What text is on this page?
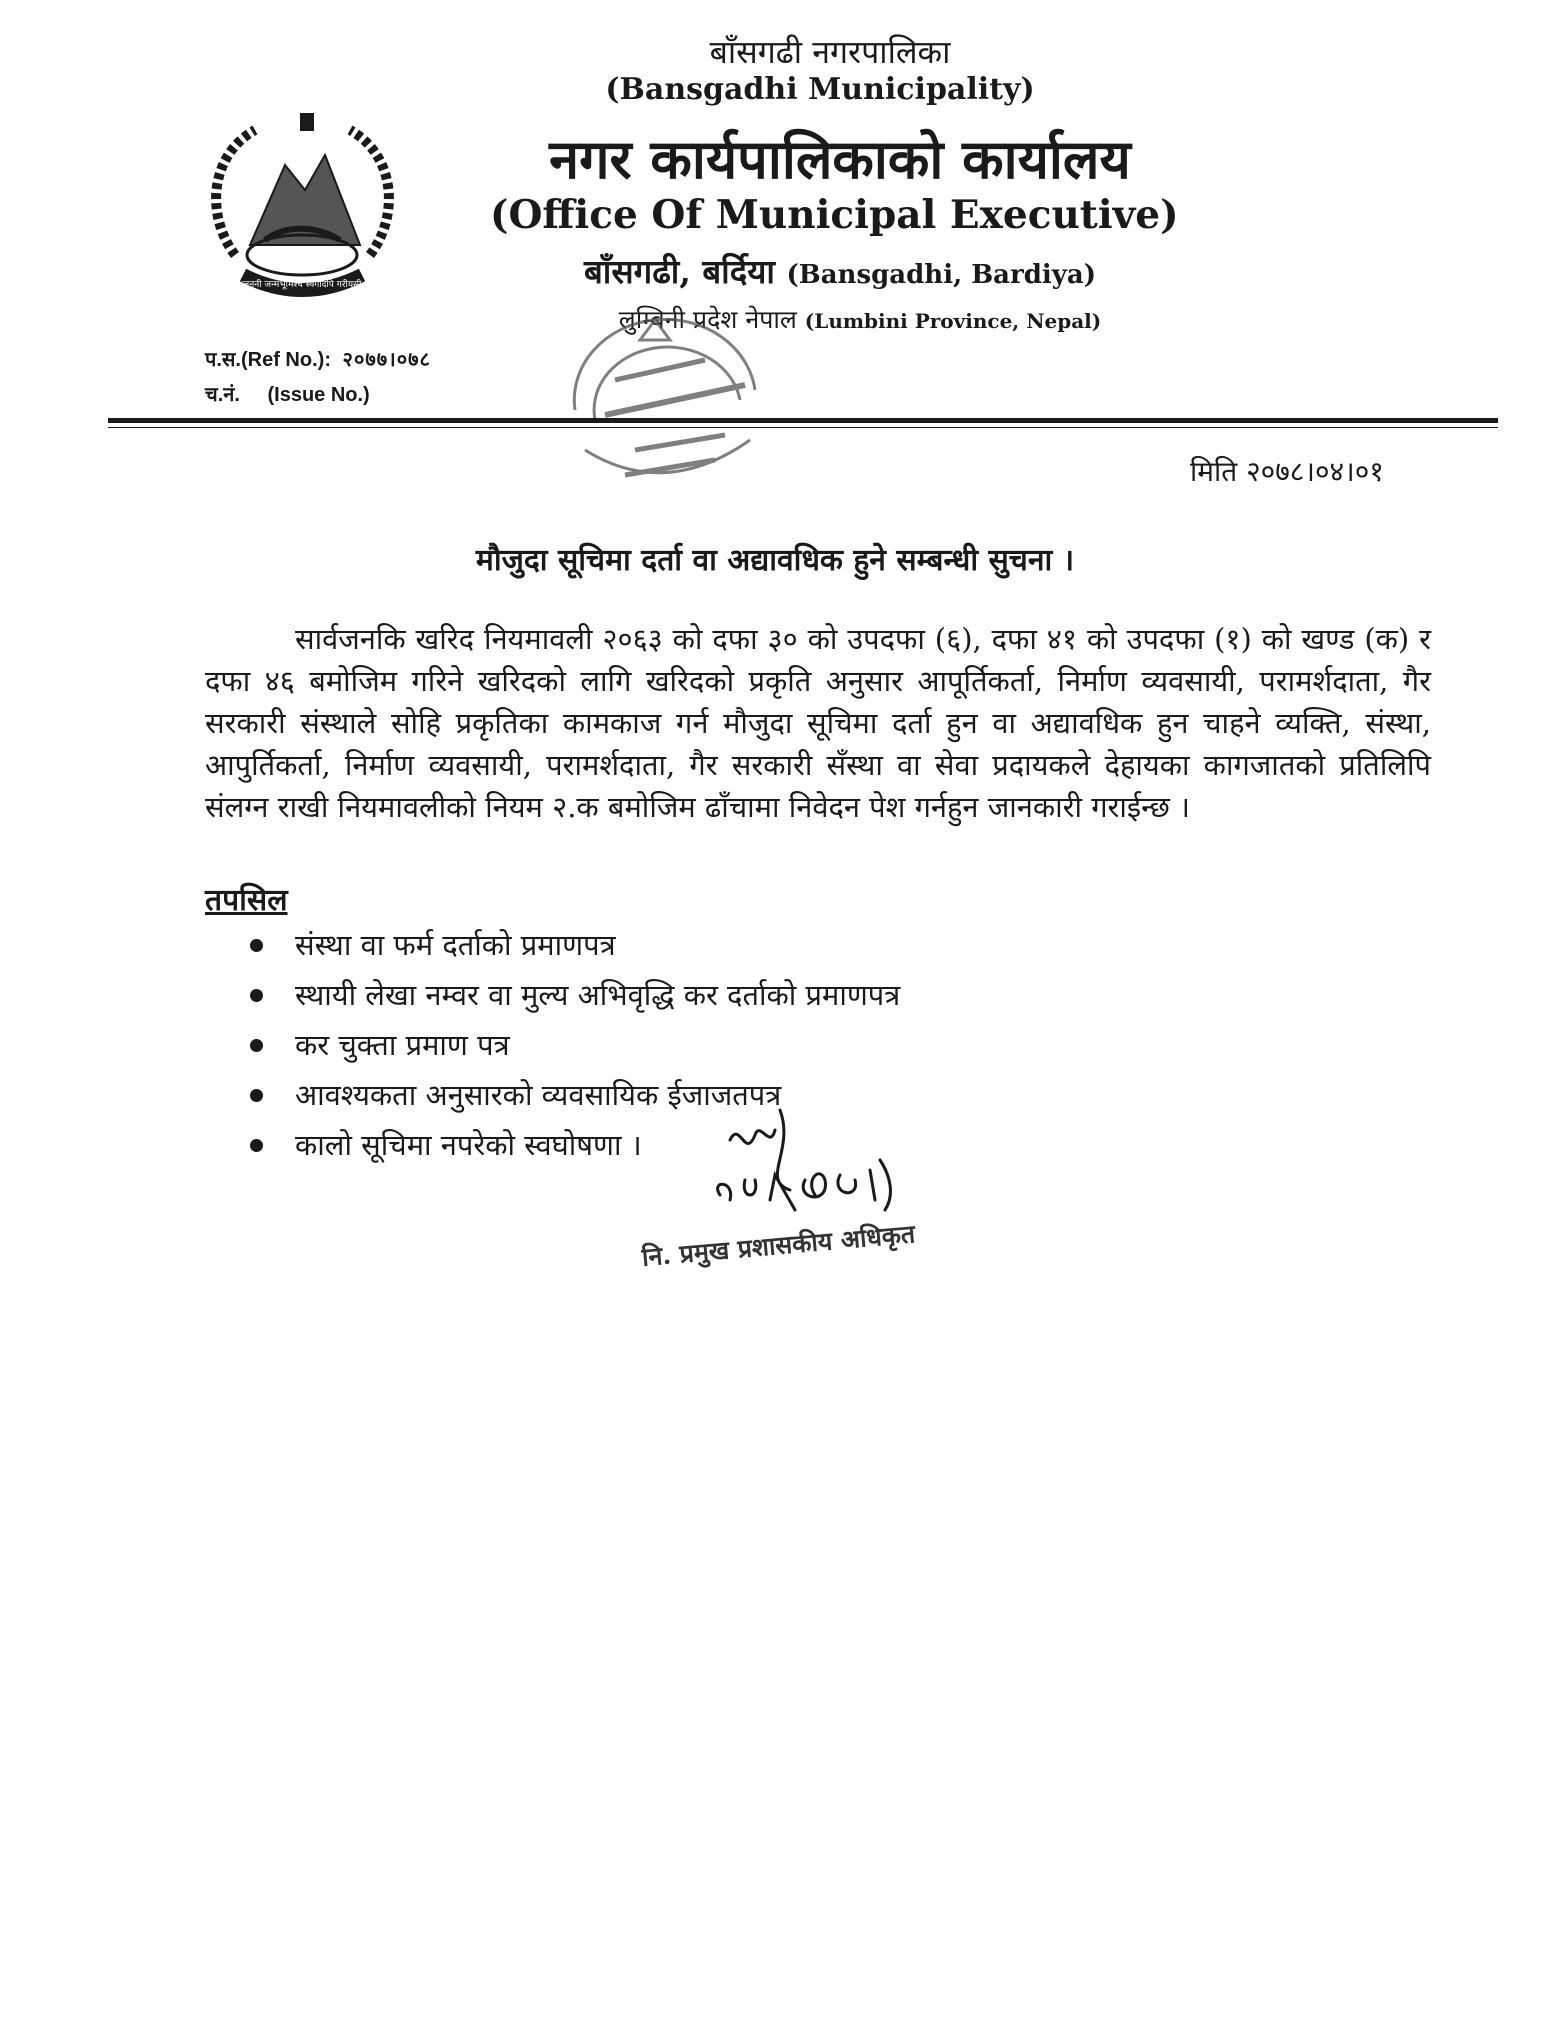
जननी जन्मभूमिश्च स्वर्गादपि गरीयसी
बाँसगढी नगरपालिका
(Bansgadhi Municipality)
नगर कार्यपालिकाको कार्यालय
(Office Of Municipal Executive)
बाँसगढी, बर्दिया (Bansgadhi, Bardiya)
लुम्बिनी प्रदेश नेपाल (Lumbini Province, Nepal)
प.स.(Ref No.): २०७७।०७८
च.नं. (Issue No.)
मिति २०७८।०४।०१
मौजुदा सूचिमा दर्ता वा अद्यावधिक हुने सम्बन्धी सुचना ।
सार्वजनकि खरिद नियमावली २०६३ को दफा ३० को उपदफा (६), दफा ४१ को उपदफा (१) को खण्ड (क) र दफा ४६ बमोजिम गरिने खरिदको लागि खरिदको प्रकृति अनुसार आपूर्तिकर्ता, निर्माण व्यवसायी, परामर्शदाता, गैर सरकारी संस्थाले सोहि प्रकृतिका कामकाज गर्न मौजुदा सूचिमा दर्ता हुन वा अद्यावधिक हुन चाहने व्यक्ति, संस्था, आपुर्तिकर्ता, निर्माण व्यवसायी, परामर्शदाता, गैर सरकारी सँस्था वा सेवा प्रदायकले देहायका कागजातको प्रतिलिपि संलग्न राखी नियमावलीको नियम २.क बमोजिम ढाँचामा निवेदन पेश गर्नहुन जानकारी गराईन्छ ।
तपसिल
संस्था वा फर्म दर्ताको प्रमाणपत्र
स्थायी लेखा नम्वर वा मुल्य अभिवृद्धि कर दर्ताको प्रमाणपत्र
कर चुक्ता प्रमाण पत्र
आवश्यकता अनुसारको व्यवसायिक ईजाजतपत्र
कालो सूचिमा नपरेको स्वघोषणा ।
नि. प्रमुख प्रशासकीय अधिकृत
